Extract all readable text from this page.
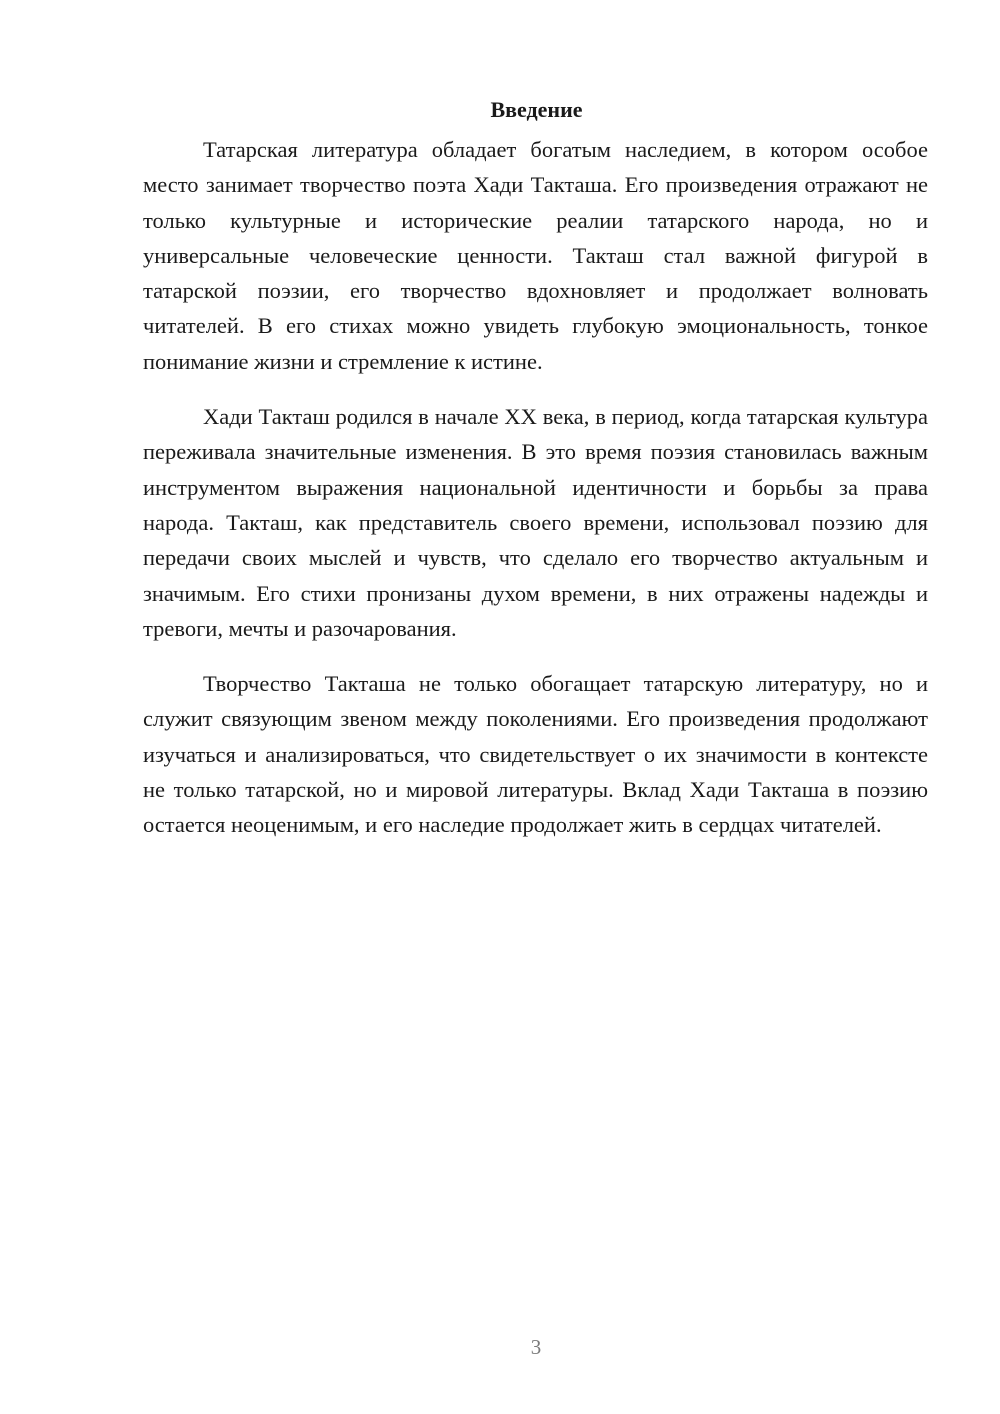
Введение

Татарская литература обладает богатым наследием, в котором особое место занимает творчество поэта Хади Такташа. Его произведения отражают не только культурные и исторические реалии татарского народа, но и универсальные человеческие ценности. Такташ стал важной фигурой в татарской поэзии, его творчество вдохновляет и продолжает волновать читателей. В его стихах можно увидеть глубокую эмоциональность, тонкое понимание жизни и стремление к истине.

Хади Такташ родился в начале XX века, в период, когда татарская культура переживала значительные изменения. В это время поэзия становилась важным инструментом выражения национальной идентичности и борьбы за права народа. Такташ, как представитель своего времени, использовал поэзию для передачи своих мыслей и чувств, что сделало его творчество актуальным и значимым. Его стихи пронизаны духом времени, в них отражены надежды и тревоги, мечты и разочарования.

Творчество Такташа не только обогащает татарскую литературу, но и служит связующим звеном между поколениями. Его произведения продолжают изучаться и анализироваться, что свидетельствует о их значимости в контексте не только татарской, но и мировой литературы. Вклад Хади Такташа в поэзию остается неоценимым, и его наследие продолжает жить в сердцах читателей.

3
